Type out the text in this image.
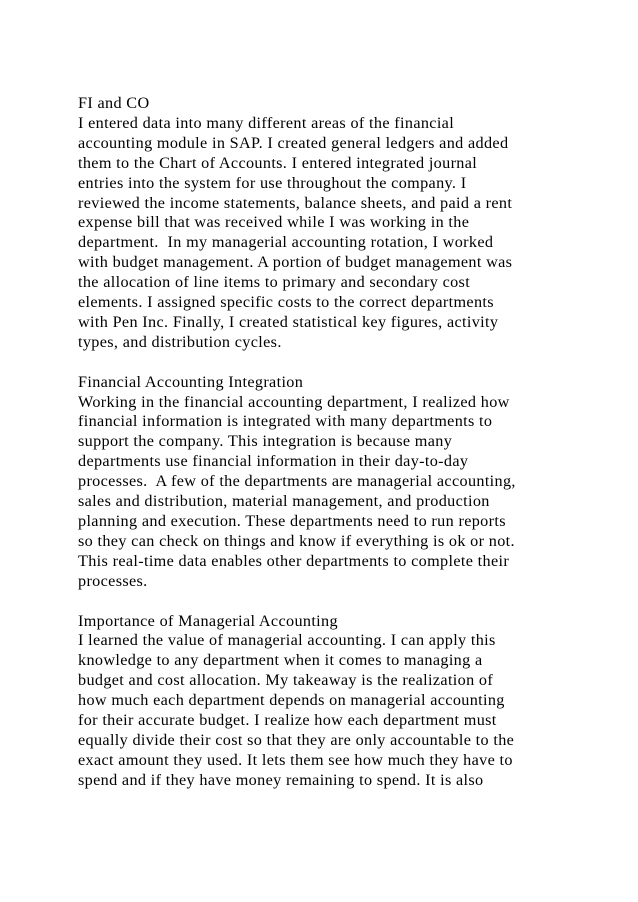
FI and CO
I entered data into many different areas of the financial
accounting module in SAP. I created general ledgers and added
them to the Chart of Accounts. I entered integrated journal
entries into the system for use throughout the company. I
reviewed the income statements, balance sheets, and paid a rent
expense bill that was received while I was working in the
department.  In my managerial accounting rotation, I worked
with budget management. A portion of budget management was
the allocation of line items to primary and secondary cost
elements. I assigned specific costs to the correct departments
with Pen Inc. Finally, I created statistical key figures, activity
types, and distribution cycles.
Financial Accounting Integration
Working in the financial accounting department, I realized how
financial information is integrated with many departments to
support the company. This integration is because many
departments use financial information in their day-to-day
processes.  A few of the departments are managerial accounting,
sales and distribution, material management, and production
planning and execution. These departments need to run reports
so they can check on things and know if everything is ok or not.
This real-time data enables other departments to complete their
processes.
Importance of Managerial Accounting
I learned the value of managerial accounting. I can apply this
knowledge to any department when it comes to managing a
budget and cost allocation. My takeaway is the realization of
how much each department depends on managerial accounting
for their accurate budget. I realize how each department must
equally divide their cost so that they are only accountable to the
exact amount they used. It lets them see how much they have to
spend and if they have money remaining to spend. It is also
